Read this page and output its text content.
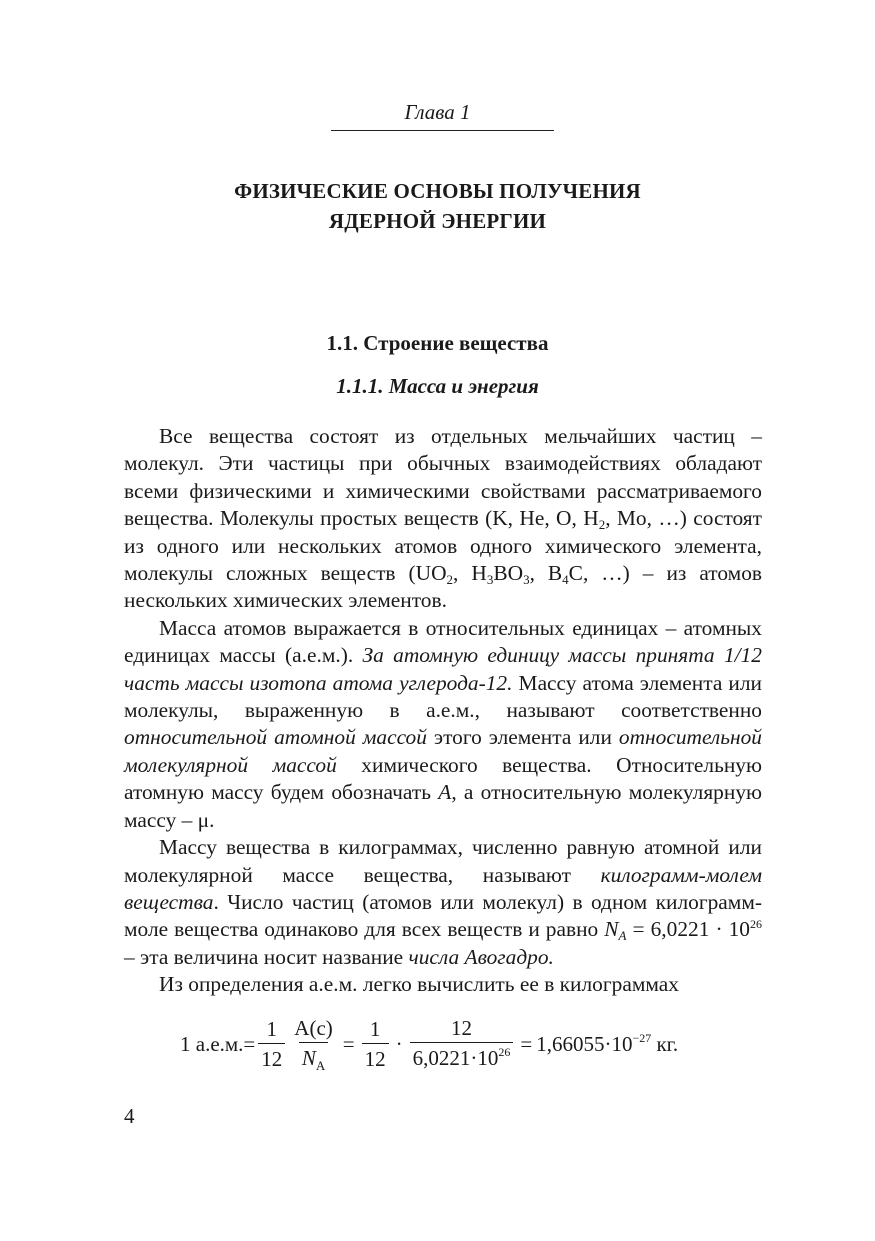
Глава 1
ФИЗИЧЕСКИЕ ОСНОВЫ ПОЛУЧЕНИЯ
ЯДЕРНОЙ ЭНЕРГИИ
1.1. Строение вещества
1.1.1. Масса и энергия

Все вещества состоят из отдельных мельчайших частиц – молекул. Эти частицы при обычных взаимодействиях обладают всеми физическими и химическими свойствами рассматриваемого вещества. Молекулы простых веществ (K, He, O, $H_2$, Mo, …) состоят из одного или нескольких атомов одного химического элемента, молекулы сложных веществ ($UO_2$, $H_3BO_3$, $B_4C$, …) – из атомов нескольких химических элементов.

Масса атомов выражается в относительных единицах – атомных единицах массы (а.е.м.). За атомную единицу массы принята 1/12 часть массы изотопа атома углерода-12. Массу атома элемента или молекулы, выраженную в а.е.м., называют соответственно относительной атомной массой этого элемента или относительной молекулярной массой химического вещества. Относительную атомную массу будем обозначать A, а относительную молекулярную массу – μ.

Массу вещества в килограммах, численно равную атомной или молекулярной массе вещества, называют килограмм-молем вещества. Число частиц (атомов или молекул) в одном килограмм-моле вещества одинаково для всех веществ и равно $N_A = 6,0221 \cdot 10^{26}$ – эта величина носит название числа Авогадро.

Из определения а.е.м. легко вычислить ее в килограммах

1 $а.е.м.= \frac{1}{12} \frac{A(c)}{N_A} = \frac{1}{12} \cdot \frac{12}{6,0221\cdot 10^{26}} = 1,66055\cdot 10^{-27}$ кг.
4
